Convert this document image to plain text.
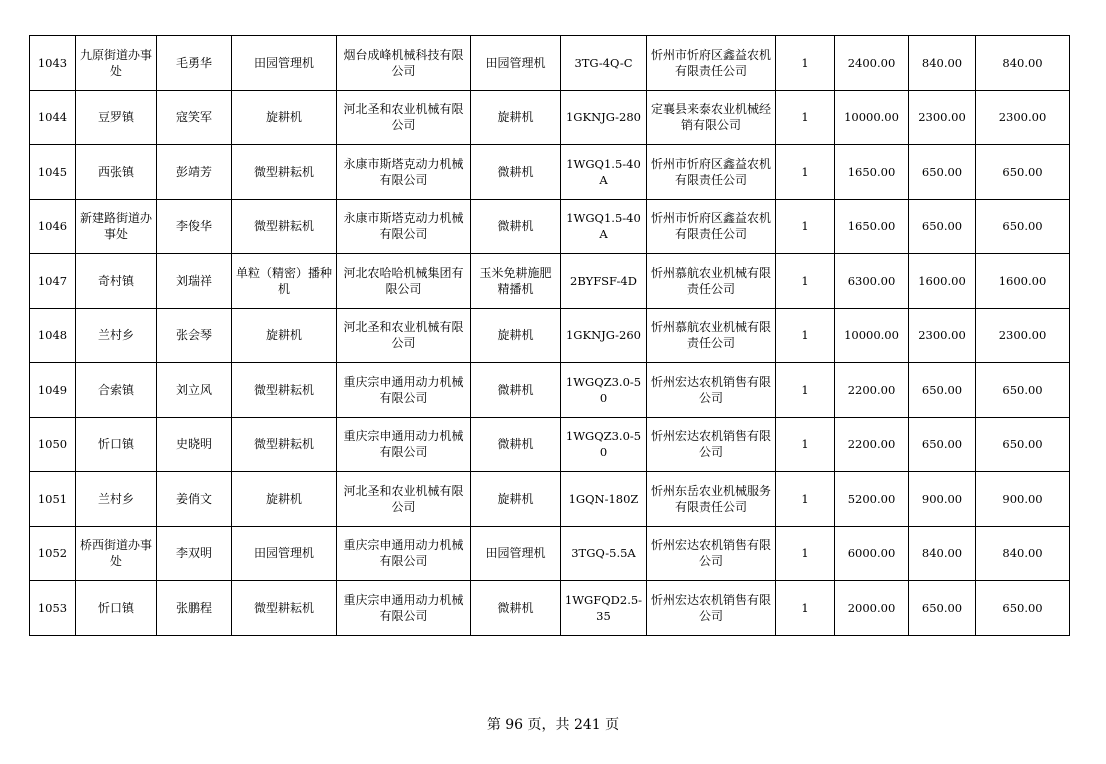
1043	九原街道办事处	毛勇华	田园管理机	烟台成峰机械科技有限公司	田园管理机	3TG-4Q-C	忻州市忻府区鑫益农机有限责任公司	1	2400.00	840.00	840.00
1044	豆罗镇	寇笑军	旋耕机	河北圣和农业机械有限公司	旋耕机	1GKNJG-280	定襄县来泰农业机械经销有限公司	1	10000.00	2300.00	2300.00
1045	西张镇	彭靖芳	微型耕耘机	永康市斯塔克动力机械有限公司	微耕机	1WGQ1.5-40A	忻州市忻府区鑫益农机有限责任公司	1	1650.00	650.00	650.00
1046	新建路街道办事处	李俊华	微型耕耘机	永康市斯塔克动力机械有限公司	微耕机	1WGQ1.5-40A	忻州市忻府区鑫益农机有限责任公司	1	1650.00	650.00	650.00
1047	奇村镇	刘瑞祥	单粒（精密）播种机	河北农哈哈机械集团有限公司	玉米免耕施肥精播机	2BYFSF-4D	忻州慕航农业机械有限责任公司	1	6300.00	1600.00	1600.00
1048	兰村乡	张会琴	旋耕机	河北圣和农业机械有限公司	旋耕机	1GKNJG-260	忻州慕航农业机械有限责任公司	1	10000.00	2300.00	2300.00
1049	合索镇	刘立风	微型耕耘机	重庆宗申通用动力机械有限公司	微耕机	1WGQZ3.0-50	忻州宏达农机销售有限公司	1	2200.00	650.00	650.00
1050	忻口镇	史晓明	微型耕耘机	重庆宗申通用动力机械有限公司	微耕机	1WGQZ3.0-50	忻州宏达农机销售有限公司	1	2200.00	650.00	650.00
1051	兰村乡	姜俏文	旋耕机	河北圣和农业机械有限公司	旋耕机	1GQN-180Z	忻州东岳农业机械服务有限责任公司	1	5200.00	900.00	900.00
1052	桥西街道办事处	李双明	田园管理机	重庆宗申通用动力机械有限公司	田园管理机	3TGQ-5.5A	忻州宏达农机销售有限公司	1	6000.00	840.00	840.00
1053	忻口镇	张鹏程	微型耕耘机	重庆宗申通用动力机械有限公司	微耕机	1WGFQD2.5-35	忻州宏达农机销售有限公司	1	2000.00	650.00	650.00
第 96 页，共 241 页
